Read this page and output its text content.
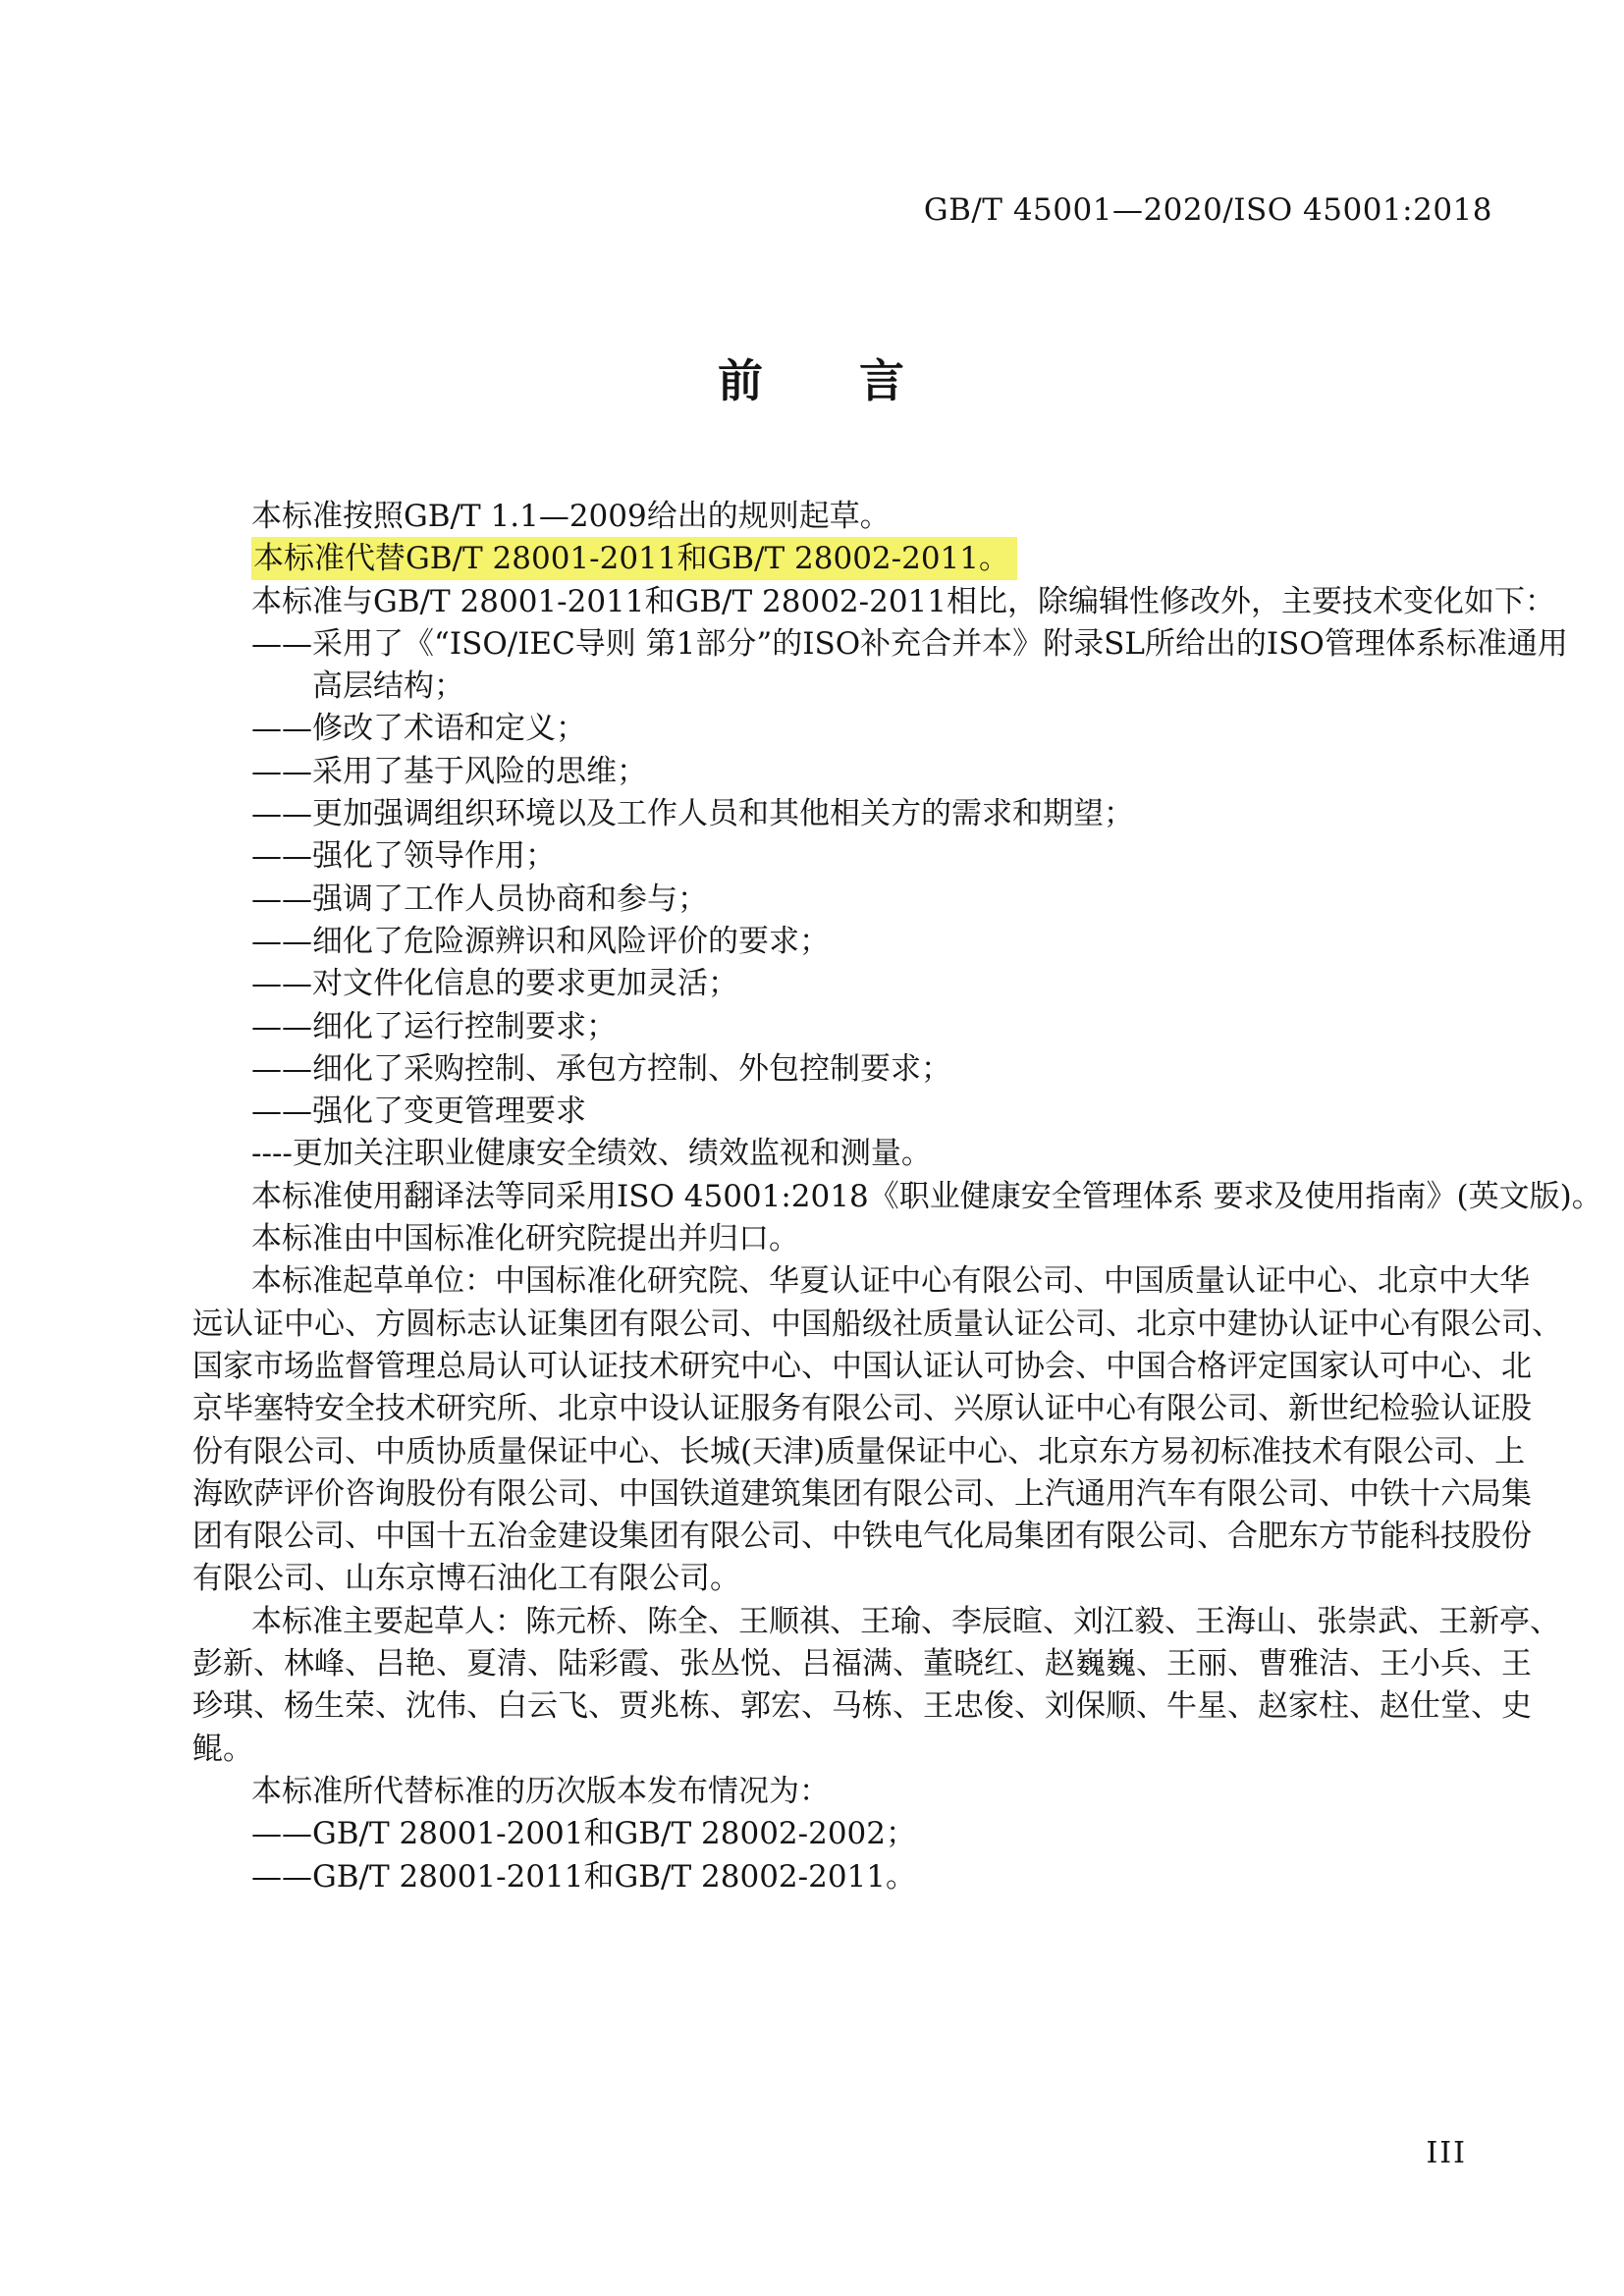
GB/T 45001—2020/ISO 45001:2018
前　　言
本标准按照GB/T 1.1—2009给出的规则起草。
本标准代替GB/T 28001-2011和GB/T 28002-2011。
本标准与GB/T 28001-2011和GB/T 28002-2011相比，除编辑性修改外，主要技术变化如下：
——采用了《“ISO/IEC导则 第1部分”的ISO补充合并本》附录SL所给出的ISO管理体系标准通用
高层结构；
——修改了术语和定义；
——采用了基于风险的思维；
——更加强调组织环境以及工作人员和其他相关方的需求和期望；
——强化了领导作用；
——强调了工作人员协商和参与；
——细化了危险源辨识和风险评价的要求；
——对文件化信息的要求更加灵活；
——细化了运行控制要求；
——细化了采购控制、承包方控制、外包控制要求；
——强化了变更管理要求
----更加关注职业健康安全绩效、绩效监视和测量。
本标准使用翻译法等同采用ISO 45001:2018《职业健康安全管理体系 要求及使用指南》(英文版)。
本标准由中国标准化研究院提出并归口。
本标准起草单位：中国标准化研究院、华夏认证中心有限公司、中国质量认证中心、北京中大华
远认证中心、方圆标志认证集团有限公司、中国船级社质量认证公司、北京中建协认证中心有限公司、
国家市场监督管理总局认可认证技术研究中心、中国认证认可协会、中国合格评定国家认可中心、北
京毕塞特安全技术研究所、北京中设认证服务有限公司、兴原认证中心有限公司、新世纪检验认证股
份有限公司、中质协质量保证中心、长城(天津)质量保证中心、北京东方易初标准技术有限公司、上
海欧萨评价咨询股份有限公司、中国铁道建筑集团有限公司、上汽通用汽车有限公司、中铁十六局集
团有限公司、中国十五冶金建设集团有限公司、中铁电气化局集团有限公司、合肥东方节能科技股份
有限公司、山东京博石油化工有限公司。
本标准主要起草人：陈元桥、陈全、王顺祺、王瑜、李辰暄、刘江毅、王海山、张崇武、王新亭、
彭新、林峰、吕艳、夏清、陆彩霞、张丛悦、吕福满、董晓红、赵巍巍、王丽、曹雅洁、王小兵、王
珍琪、杨生荣、沈伟、白云飞、贾兆栋、郭宏、马栋、王忠俊、刘保顺、牛星、赵家柱、赵仕堂、史
鲲。
本标准所代替标准的历次版本发布情况为：
——GB/T 28001-2001和GB/T 28002-2002；
——GB/T 28001-2011和GB/T 28002-2011。
III
